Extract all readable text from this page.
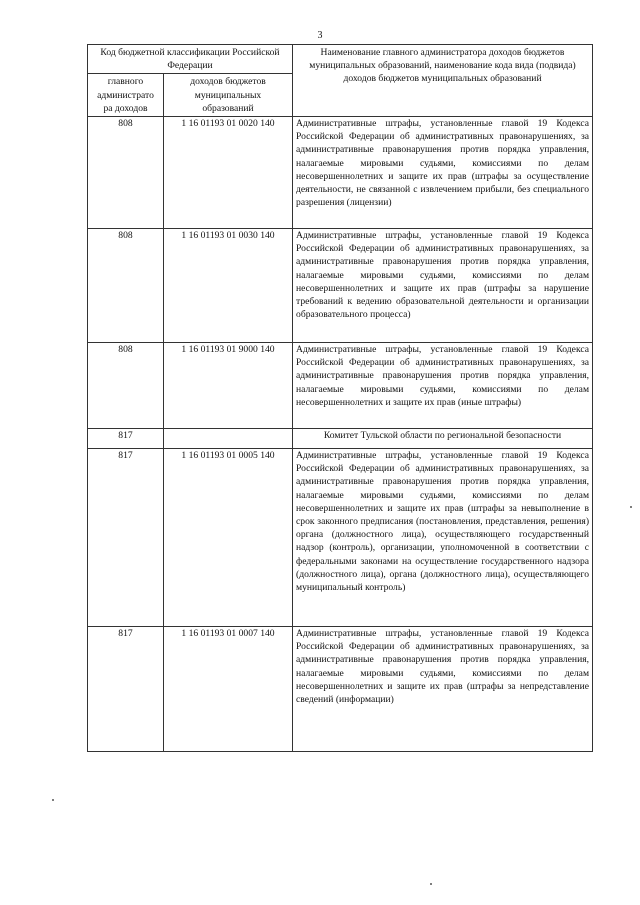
3
Код бюджетной классификации Российской Федерации		Наименование главного администратора доходов бюджетов муниципальных образований, наименование кода вида (подвида) доходов бюджетов муниципальных образований
главного администрато ра доходов	доходов бюджетов муниципальных образований	
808	1 16 01193 01 0020 140	Административные штрафы, установленные главой 19 Кодекса Российской Федерации об административных правонарушениях, за административные правонарушения против порядка управления, налагаемые мировыми судьями, комиссиями по делам несовершеннолетних и защите их прав (штрафы за осуществление деятельности, не связанной с извлечением прибыли, без специального разрешения (лицензии)
808	1 16 01193 01 0030 140	Административные штрафы, установленные главой 19 Кодекса Российской Федерации об административных правонарушениях, за административные правонарушения против порядка управления, налагаемые мировыми судьями, комиссиями по делам несовершеннолетних и защите их прав (штрафы за нарушение требований к ведению образовательной деятельности и организации образовательного процесса)
808	1 16 01193 01 9000 140	Административные штрафы, установленные главой 19 Кодекса Российской Федерации об административных правонарушениях, за административные правонарушения против порядка управления, налагаемые мировыми судьями, комиссиями по делам несовершеннолетних и защите их прав (иные штрафы)
817		Комитет Тульской области по региональной безопасности
817	1 16 01193 01 0005 140	Административные штрафы, установленные главой 19 Кодекса Российской Федерации об административных правонарушениях, за административные правонарушения против порядка управления, налагаемые мировыми судьями, комиссиями по делам несовершеннолетних и защите их прав (штрафы за невыполнение в срок законного предписания (постановления, представления, решения) органа (должностного лица), осуществляющего государственный надзор (контроль), организации, уполномоченной в соответствии с федеральными законами на осуществление государственного надзора (должностного лица), органа (должностного лица), осуществляющего муниципальный контроль)
817	1 16 01193 01 0007 140	Административные штрафы, установленные главой 19 Кодекса Российской Федерации об административных правонарушениях, за административные правонарушения против порядка управления, налагаемые мировыми судьями, комиссиями по делам несовершеннолетних и защите их прав (штрафы за непредставление сведений (информации)
